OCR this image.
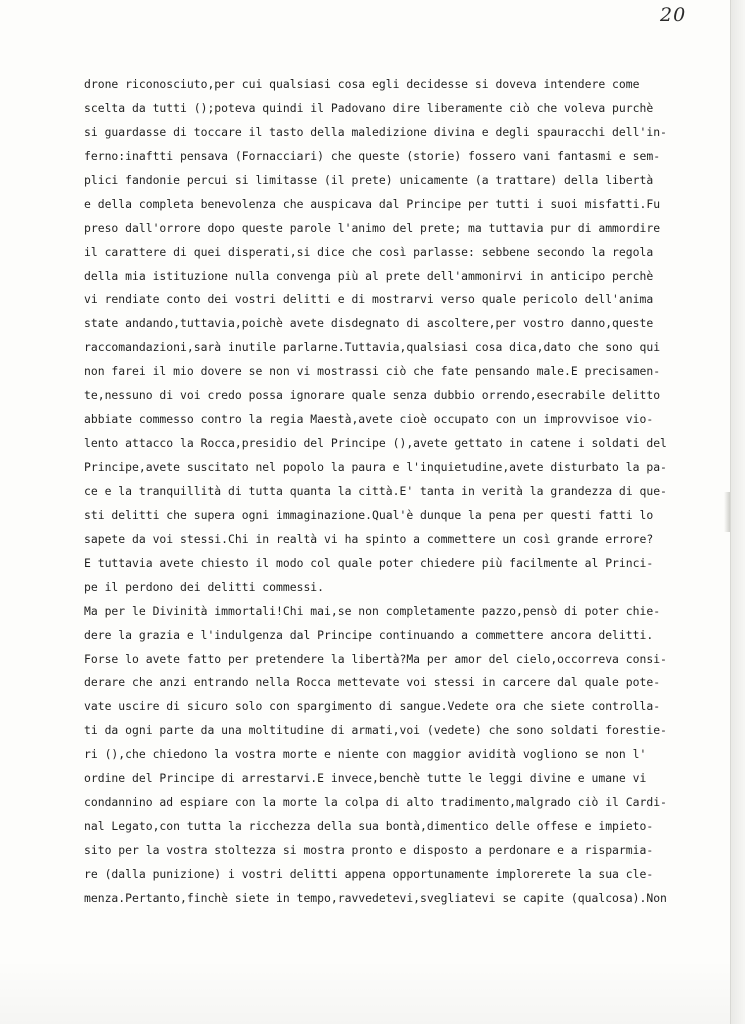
20
drone riconosciuto,per cui qualsiasi cosa egli decidesse si doveva intendere come
scelta da tutti ();poteva quindi il Padovano dire liberamente ciò che voleva purchè
si guardasse di toccare il tasto della maledizione divina e degli spauracchi dell'in-
ferno:inaftti pensava (Fornacciari) che queste (storie) fossero vani fantasmi e sem-
plici fandonie percui si limitasse (il prete) unicamente (a trattare) della libertà
e della completa benevolenza che auspicava dal Principe per tutti i suoi misfatti.Fu
preso dall'orrore dopo queste parole l'animo del prete; ma tuttavia pur di ammordire
il carattere di quei disperati,si dice che così parlasse: sebbene secondo la regola
della mia istituzione nulla convenga più al prete dell'ammonirvi in anticipo perchè
vi rendiate conto dei vostri delitti e di mostrarvi verso quale pericolo dell'anima
state andando,tuttavia,poichè avete disdegnato di ascoltere,per vostro danno,queste
raccomandazioni,sarà inutile parlarne.Tuttavia,qualsiasi cosa dica,dato che sono qui
non farei il mio dovere se non vi mostrassi ciò che fate pensando male.E precisamen-
te,nessuno di voi credo possa ignorare quale senza dubbio orrendo,esecrabile delitto
abbiate commesso contro la regia Maestà,avete cioè occupato con un improvvisoe vio-
lento attacco la Rocca,presidio del Principe (),avete gettato in catene i soldati del
Principe,avete suscitato nel popolo la paura e l'inquietudine,avete disturbato la pa-
ce e la tranquillità di tutta quanta la città.E' tanta in verità la grandezza di que-
sti delitti che supera ogni immaginazione.Qual'è dunque la pena per questi fatti lo
sapete da voi stessi.Chi in realtà vi ha spinto a commettere un così grande errore?
E tuttavia avete chiesto il modo col quale poter chiedere più facilmente al Princi-
pe il perdono dei delitti commessi.
Ma per le Divinità immortali!Chi mai,se non completamente pazzo,pensò di poter chie-
dere la grazia e l'indulgenza dal Principe continuando a commettere ancora delitti.
Forse lo avete fatto per pretendere la libertà?Ma per amor del cielo,occorreva consi-
derare che anzi entrando nella Rocca mettevate voi stessi in carcere dal quale pote-
vate uscire di sicuro solo con spargimento di sangue.Vedete ora che siete controlla-
ti da ogni parte da una moltitudine di armati,voi (vedete) che sono soldati forestie-
ri (),che chiedono la vostra morte e niente con maggior avidità vogliono se non l'
ordine del Principe di arrestarvi.E invece,benchè tutte le leggi divine e umane vi
condannino ad espiare con la morte la colpa di alto tradimento,malgrado ciò il Cardi-
nal Legato,con tutta la ricchezza della sua bontà,dimentico delle offese e impieto-
sito per la vostra stoltezza si mostra pronto e disposto a perdonare e a risparmia-
re (dalla punizione) i vostri delitti appena opportunamente implorerete la sua cle-
menza.Pertanto,finchè siete in tempo,ravvedetevi,svegliatevi se capite (qualcosa).Non
